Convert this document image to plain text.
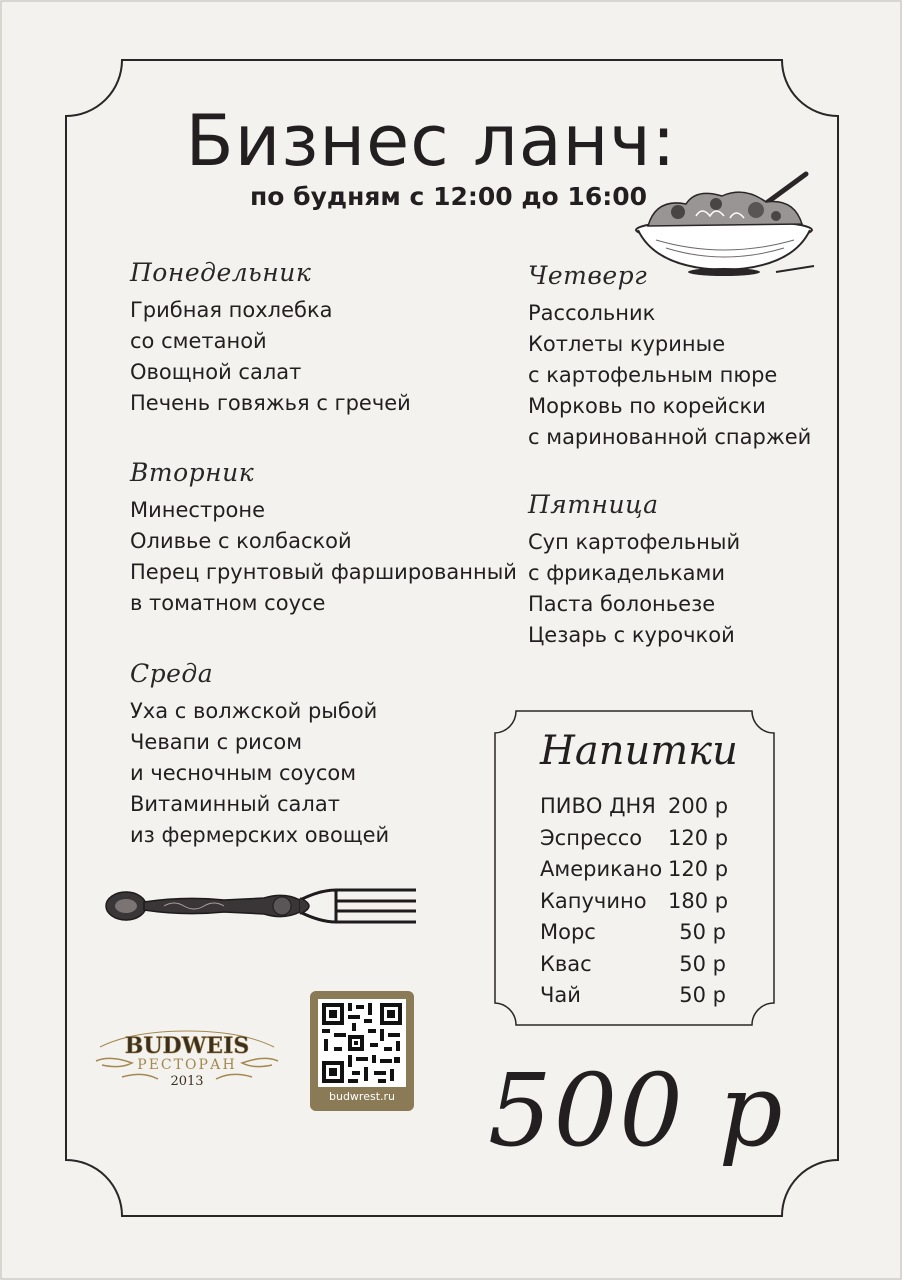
Бизнес ланч:
по будням с 12:00 до 16:00
Понедельник
Грибная похлебка
со сметаной
Овощной салат
Печень говяжья с гречей
Вторник
Минестроне
Оливье с колбаской
Перец грунтовый фаршированный
в томатном соусе
Среда
Уха с волжской рыбой
Чевапи с рисом
и чесночным соусом
Витаминный салат
из фермерских овощей
Четверг
Рассольник
Котлеты куриные
с картофельным пюре
Морковь по корейски
с маринованной спаржей
Пятница
Суп картофельный
с фрикадельками
Паста болоньезе
Цезарь с курочкой
Напитки
ПИВО ДНЯ 200 р
Эспрессо 120 р
Американо 120 р
Капучино 180 р
Морс	50 р
Квас	50 р
Чай	50 р
BUDWEIS
РЕСТОРАН
2013
budwrest.ru 500 р
